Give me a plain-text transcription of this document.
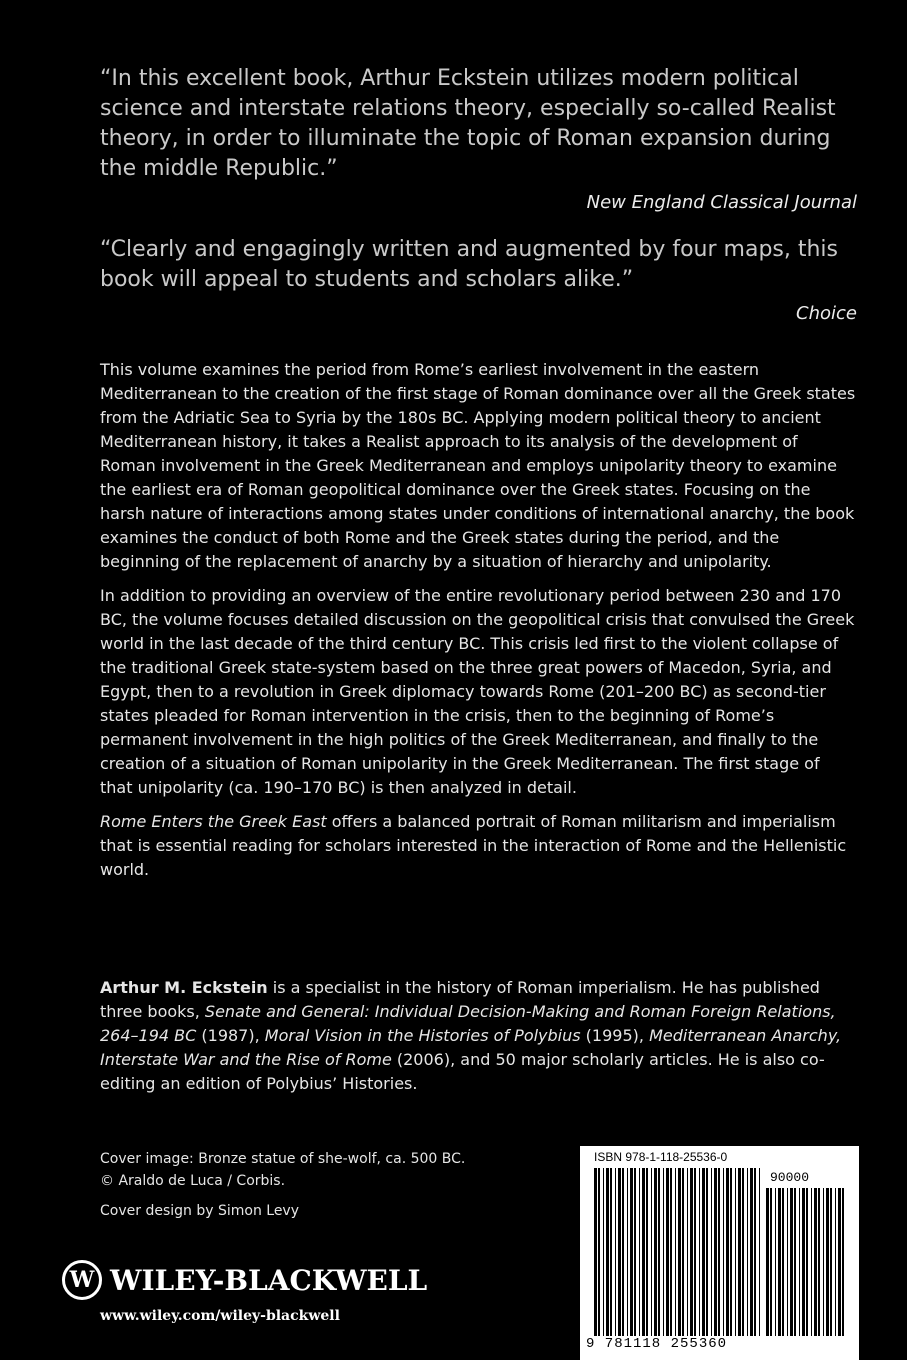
“In this excellent book, Arthur Eckstein utilizes modern political science and interstate relations theory, especially so-called Realist theory, in order to illuminate the topic of Roman expansion during the middle Republic.”

New England Classical Journal

“Clearly and engagingly written and augmented by four maps, this book will appeal to students and scholars alike.”

Choice

This volume examines the period from Rome’s earliest involvement in the eastern Mediterranean to the creation of the first stage of Roman dominance over all the Greek states from the Adriatic Sea to Syria by the 180s BC. Applying modern political theory to ancient Mediterranean history, it takes a Realist approach to its analysis of the development of Roman involvement in the Greek Mediterranean and employs unipolarity theory to examine the earliest era of Roman geopolitical dominance over the Greek states. Focusing on the harsh nature of interactions among states under conditions of international anarchy, the book examines the conduct of both Rome and the Greek states during the period, and the beginning of the replacement of anarchy by a situation of hierarchy and unipolarity.

In addition to providing an overview of the entire revolutionary period between 230 and 170 BC, the volume focuses detailed discussion on the geopolitical crisis that convulsed the Greek world in the last decade of the third century BC. This crisis led first to the violent collapse of the traditional Greek state-system based on the three great powers of Macedon, Syria, and Egypt, then to a revolution in Greek diplomacy towards Rome (201–200 BC) as second-tier states pleaded for Roman intervention in the crisis, then to the beginning of Rome’s permanent involvement in the high politics of the Greek Mediterranean, and finally to the creation of a situation of Roman unipolarity in the Greek Mediterranean. The first stage of that unipolarity (ca. 190–170 BC) is then analyzed in detail.

Rome Enters the Greek East offers a balanced portrait of Roman militarism and imperialism that is essential reading for scholars interested in the interaction of Rome and the Hellenistic world.

Arthur M. Eckstein is a specialist in the history of Roman imperialism. He has published three books, Senate and General: Individual Decision-Making and Roman Foreign Relations, 264–194 BC (1987), Moral Vision in the Histories of Polybius (1995), Mediterranean Anarchy, Interstate War and the Rise of Rome (2006), and 50 major scholarly articles. He is also co-editing an edition of Polybius’ Histories.

Cover image: Bronze statue of she-wolf, ca. 500 BC.

© Araldo de Luca / Corbis.

Cover design by Simon Levy

W WILEY-BLACKWELL
www.wiley.com/wiley-blackwell
ISBN 978-1-118-25536-0
90000
9 781118 255360
